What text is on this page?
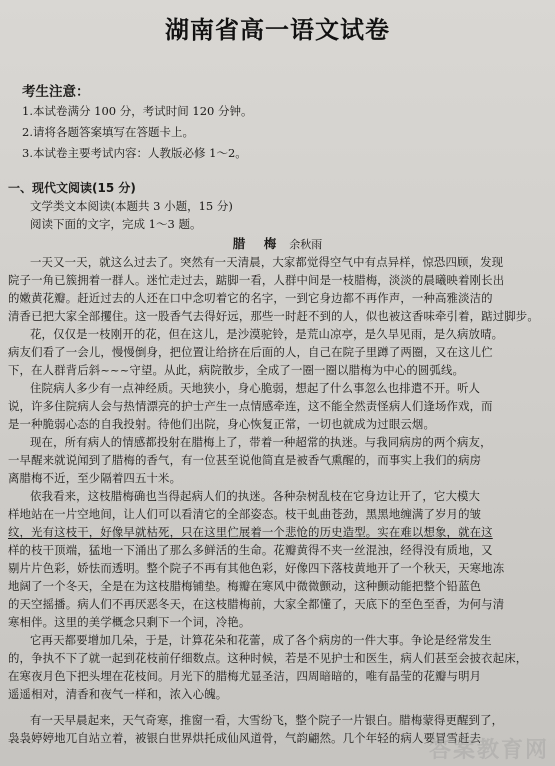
湖南省高一语文试卷
考生注意：
1.本试卷满分 100 分，考试时间 120 分钟。
2.请将各题答案填写在答题卡上。
3.本试卷主要考试内容：人教版必修 1～2。
一、现代文阅读(15 分)
文学类文本阅读(本题共 3 小题，15 分)
阅读下面的文字，完成 1～3 题。
腊　梅 余秋雨
一天又一天，就这么过去了。突然有一天清晨，大家都觉得空气中有点异样，惊恐四顾，发现
院子一角已簇拥着一群人。迷忙走过去，踮脚一看，人群中间是一枝腊梅，淡淡的晨曦映着刚长出
的嫩黄花瓣。赶近过去的人还在口中念叨着它的名字，一到它身边都不再作声，一种高雅淡洁的
清香已把大家全部攫住。这一股香气去得好远，那些一时赶不到的人，似也被这香味牵引着，踮过脚步。
花，仅仅是一枝刚开的花，但在这儿，是沙漠驼铃，是荒山凉亭，是久旱见雨，是久病放晴。
病友们看了一会儿，慢慢倒身，把位置让给挤在后面的人，自己在院子里蹲了两圈，又在这儿伫
下，在人群背后斜~~~守望。从此，病院散步，全成了一圈一圈以腊梅为中心的圆弧线。
住院病人多少有一点神经质。天地狭小，身心脆弱，想起了什么事忽么也排遣不开。听人
说，许多住院病人会与热情漂亮的护士产生一点情感牵连，这不能全然责怪病人们逢场作戏，而
是一种脆弱心态的自我投射。待他们出院，身心恢复正常，一切也就成为过眼云烟。
现在，所有病人的情感都投射在腊梅上了，带着一种超常的执迷。与我同病房的两个病友，
一早醒来就说闻到了腊梅的香气，有一位甚至说他简直是被香气熏醒的，而事实上我们的病房
离腊梅不近，至少隔着四五十米。
依我看来，这枝腊梅确也当得起病人们的执迷。各种杂树乱枝在它身边让开了，它大模大
样地站在一片空地间，让人们可以看清它的全部姿态。枝干虬曲苍劲，黑黑地缠满了岁月的皱
纹，光有这枝干，好像早就枯死，只在这里伫展着一个悲怆的历史造型。实在难以想象，就在这
样的枝干顶端，猛地一下涌出了那么多鲜活的生命。花瓣黄得不夹一丝混浊，经得没有质地，又
剔片片色彩，娇怯而透明。整个院子不再有其他色彩，好像四下落枝黄地开了一个秋天，天寒地冻
地阔了一个冬天，全是在为这枝腊梅铺垫。梅瓣在寒风中微微颤动，这种颤动能把整个铅蓝色
的天空摇播。病人们不再厌恶冬天，在这枝腊梅前，大家全都懂了，天底下的至色至香，为何与清
寒相伴。这里的美学概念只剩下一个词，冷艳。
它再天都要增加几朵，于是，计算花朵和花蕾，成了各个病房的一件大事。争论是经常发生
的，争执不下了就一起到花枝前仔细数点。这种时候，若是不见护士和医生，病人们甚至会披衣起床，
在寒夜月色下把头埋在花枝间。月光下的腊梅尤显圣洁，四周暗暗的，唯有晶莹的花瓣与明月
遥遥相对，清香和夜气一样和，浓入心魄。
有一天早晨起来，天气奇寒，推窗一看，大雪纷飞，整个院子一片银白。腊梅蒙得更醒到了，
袅袅婷婷地兀自站立着，被银白世界烘托成仙风道骨，气韵翩然。几个年轻的病人要冒雪赶去
答案教育网
